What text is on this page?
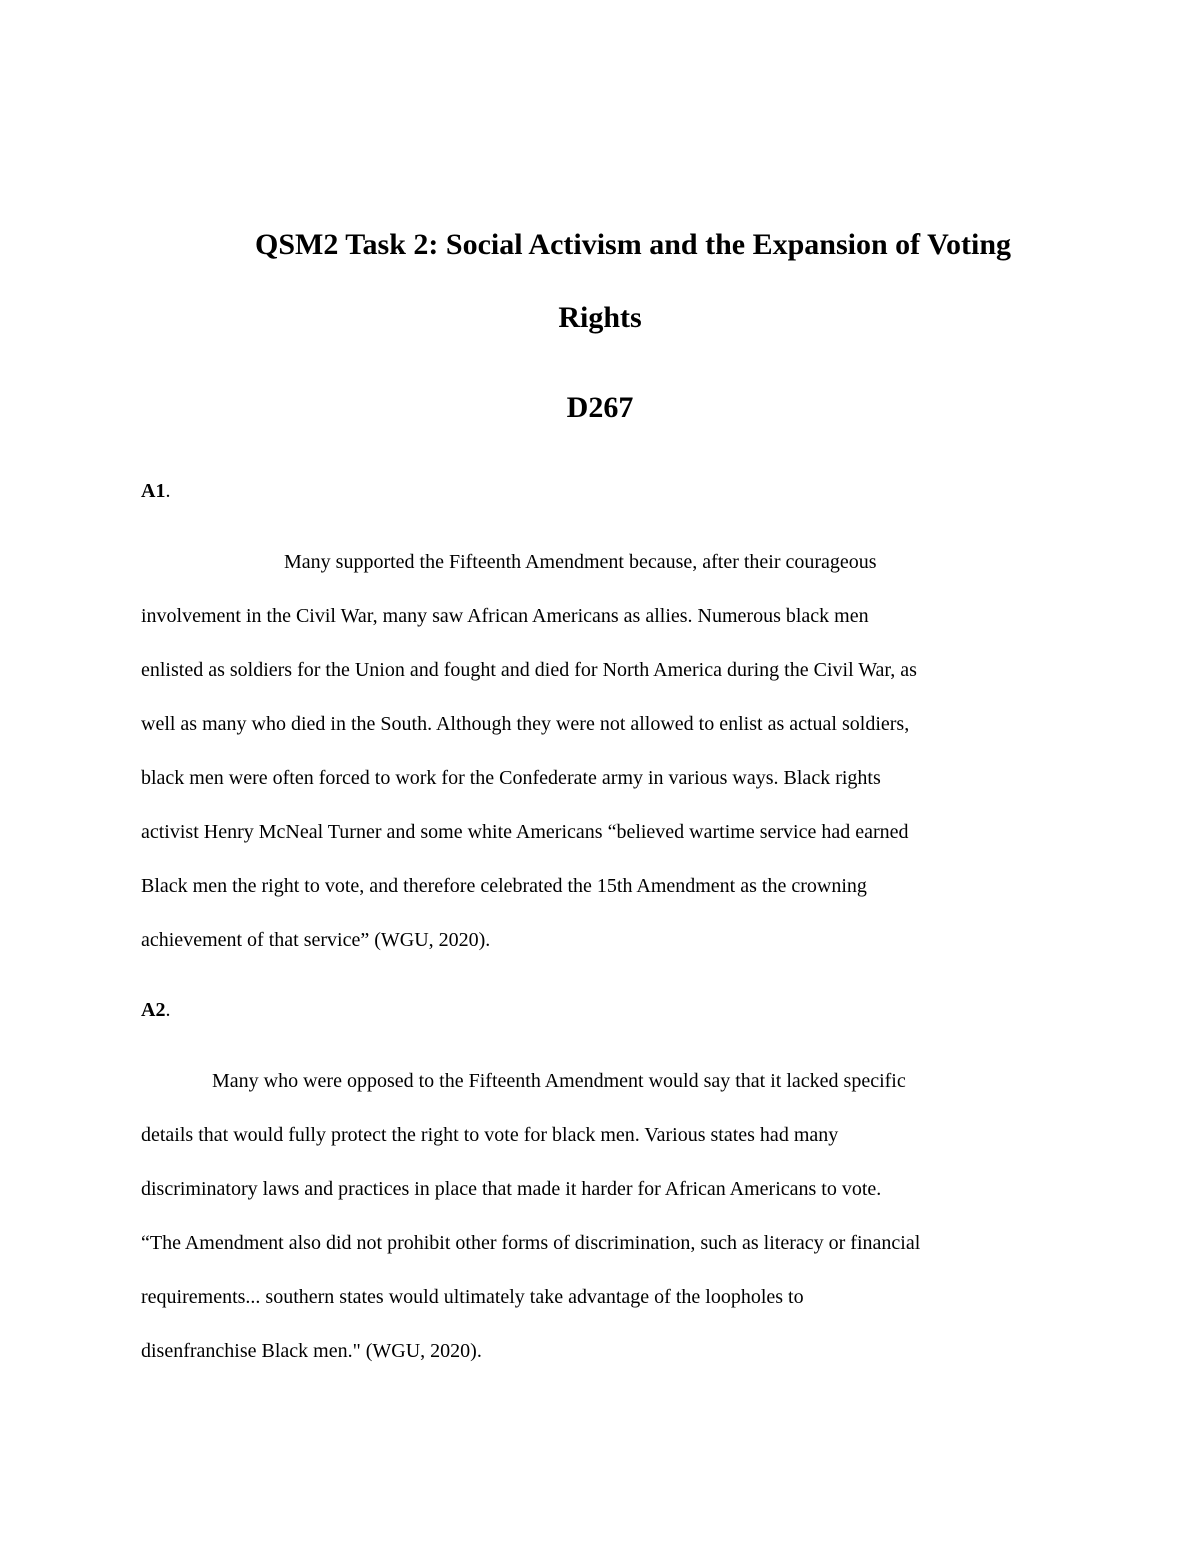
QSM2 Task 2: Social Activism and the Expansion of Voting
Rights
D267
A1.
Many supported the Fifteenth Amendment because, after their courageous
involvement in the Civil War, many saw African Americans as allies. Numerous black men
enlisted as soldiers for the Union and fought and died for North America during the Civil War, as
well as many who died in the South. Although they were not allowed to enlist as actual soldiers,
black men were often forced to work for the Confederate army in various ways. Black rights
activist Henry McNeal Turner and some white Americans “believed wartime service had earned
Black men the right to vote, and therefore celebrated the 15th Amendment as the crowning
achievement of that service” (WGU, 2020).
A2.
Many who were opposed to the Fifteenth Amendment would say that it lacked specific
details that would fully protect the right to vote for black men. Various states had many
discriminatory laws and practices in place that made it harder for African Americans to vote.
“The Amendment also did not prohibit other forms of discrimination, such as literacy or financial
requirements... southern states would ultimately take advantage of the loopholes to
disenfranchise Black men." (WGU, 2020).
